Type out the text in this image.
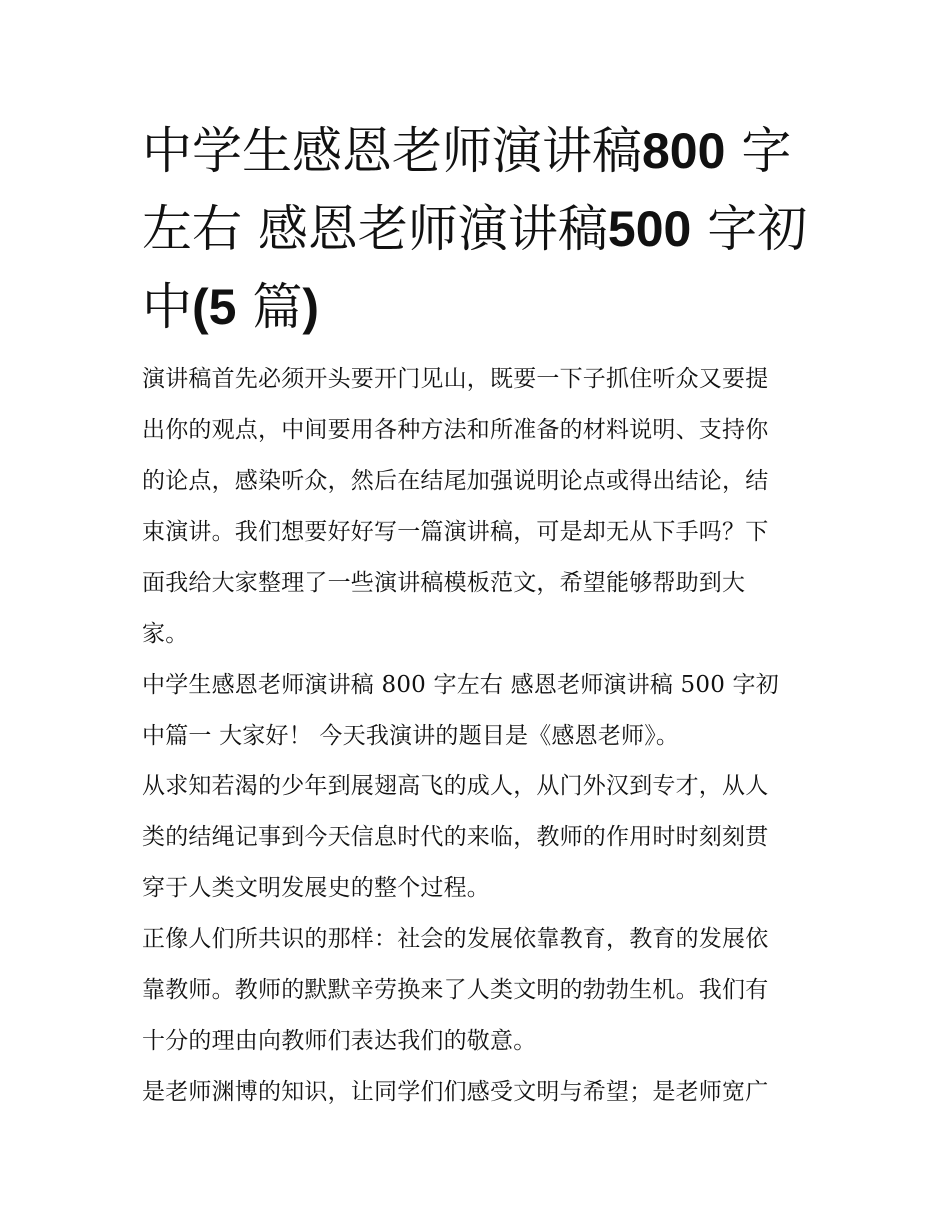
中学生感恩老师演讲稿800 字
左右 感恩老师演讲稿500 字初
中(5 篇)

演讲稿首先必须开头要开门见山，既要一下子抓住听众又要提

出你的观点，中间要用各种方法和所准备的材料说明、支持你

的论点，感染听众，然后在结尾加强说明论点或得出结论，结

束演讲。我们想要好好写一篇演讲稿，可是却无从下手吗？下

面我给大家整理了一些演讲稿模板范文，希望能够帮助到大

家。

中学生感恩老师演讲稿 800 字左右 感恩老师演讲稿 500 字初

中篇一 大家好！ 今天我演讲的题目是《感恩老师》。

从求知若渴的少年到展翅高飞的成人，从门外汉到专才，从人

类的结绳记事到今天信息时代的来临，教师的作用时时刻刻贯

穿于人类文明发展史的整个过程。

正像人们所共识的那样：社会的发展依靠教育，教育的发展依

靠教师。教师的默默辛劳换来了人类文明的勃勃生机。我们有

十分的理由向教师们表达我们的敬意。

是老师渊博的知识，让同学们们感受文明与希望；是老师宽广
